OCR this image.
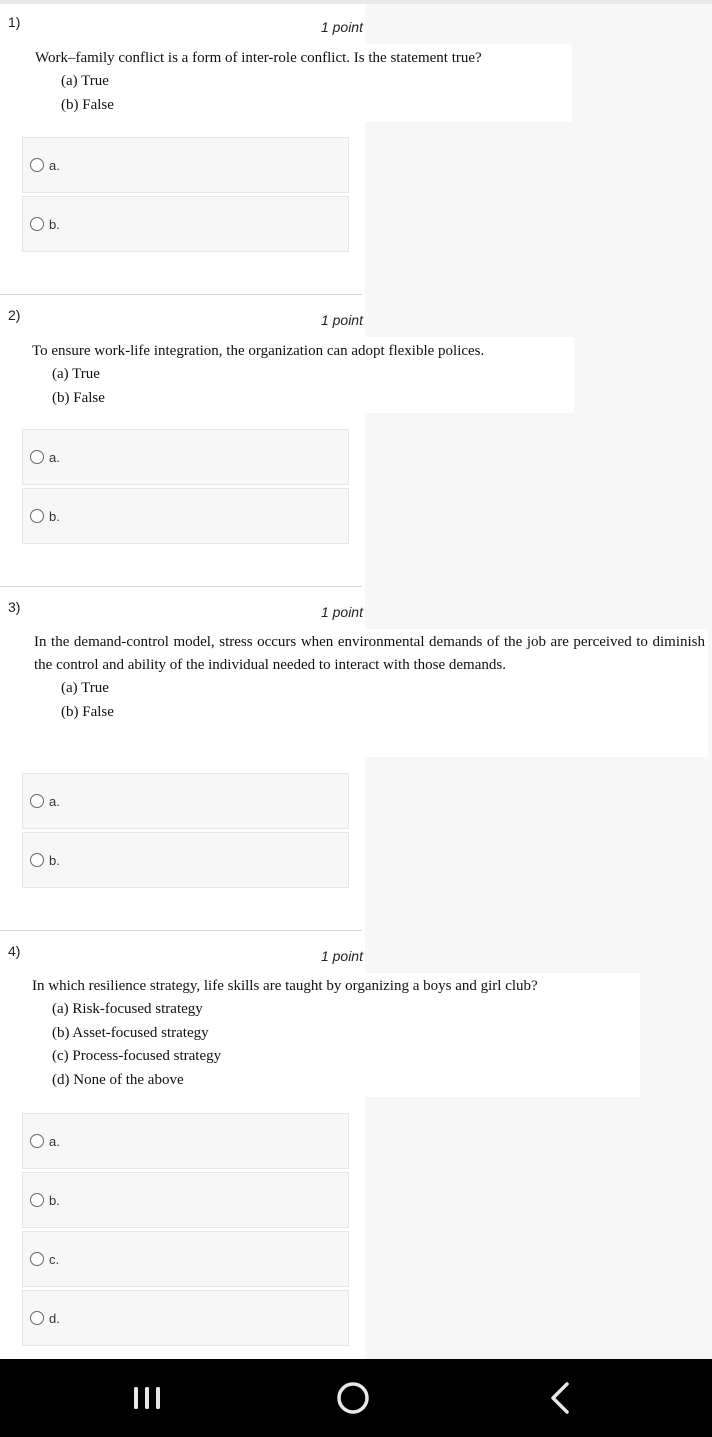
1)	1 point
Work–family conflict is a form of inter-role conflict. Is the statement true?
(a) True
(b) False
a.
b.
2)	1 point
To ensure work-life integration, the organization can adopt flexible polices.
(a) True
(b) False
a.
b.
3)	1 point
In the demand-control model, stress occurs when environmental demands of the job are perceived to diminish the control and ability of the individual needed to interact with those demands.
(a) True
(b) False
a.
b.
4)	1 point
In which resilience strategy, life skills are taught by organizing a boys and girl club?
(a) Risk-focused strategy
(b) Asset-focused strategy
(c) Process-focused strategy
(d) None of the above
a.
b.
c.
d.
